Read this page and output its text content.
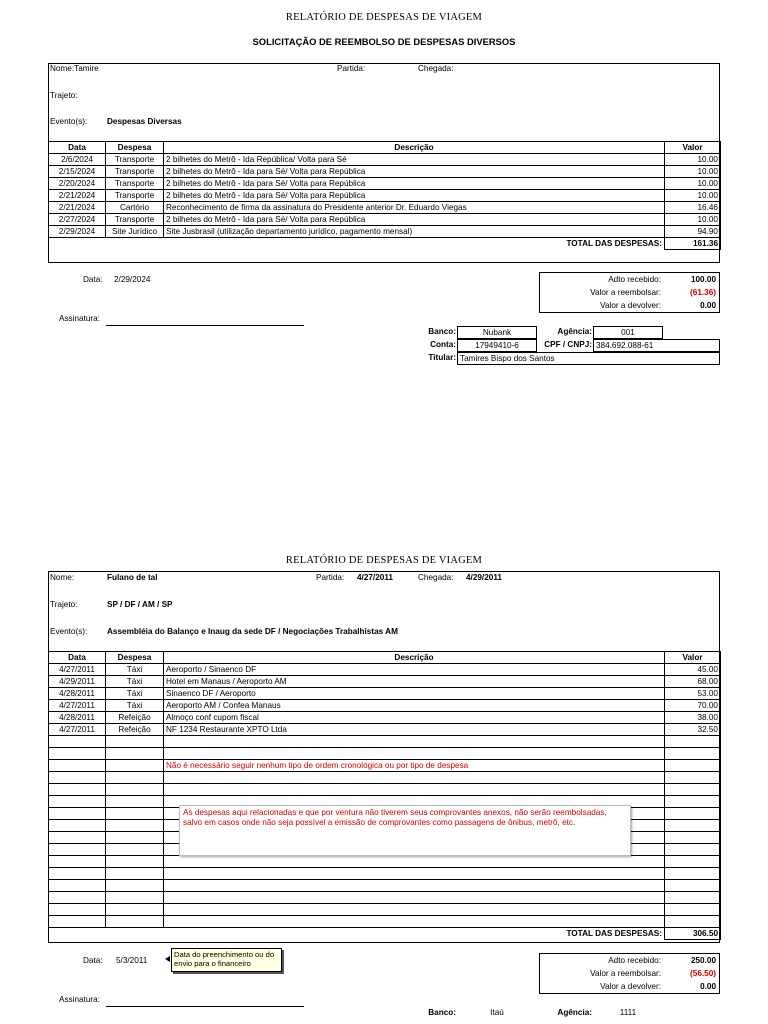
RELATÓRIO DE DESPESAS DE VIAGEM
SOLICITAÇÃO DE REEMBOLSO DE DESPESAS DIVERSOS
Nome:Tamire	Partida:	Chegada:
Trajeto:
Evento(s): Despesas Diversas
Data	Despesa	Descrição	Valor
2/6/2024	Transporte	2 bilhetes do Metrô - Ida República/ Volta para Sé	10.00
2/15/2024	Transporte	2 bilhetes do Metrô - Ida para Sé/ Volta para República	10.00
2/20/2024	Transporte	2 bilhetes do Metrô - Ida para Sé/ Volta para República	10.00
2/21/2024	Transporte	2 bilhetes do Metrô - Ida para Sé/ Volta para República	10.00
2/21/2024	Cartório	Reconhecimento de firma da assinatura do Presidente anterior Dr. Eduardo Viegas	16.46
2/27/2024	Transporte	2 bilhetes do Metrô - Ida para Sé/ Volta para República	10.00
2/29/2024	Site Jurídico	Site Jusbrasil (utilização departamento jurídico, pagamento mensal)	94.90
		TOTAL DAS DESPESAS:	161.36
Data: 2/29/2024
Assinatura:
Adto recebido:	100.00
Valor a reembolsar:	(61.36)
Valor a devolver:	0.00
Banco:	Nubank	Agência:	001
Conta:	17949410-6	CPF / CNPJ: 384.692.088-61
Titular: Tamires Bispo dos Santos
RELATÓRIO DE DESPESAS DE VIAGEM
Nome:	Fulano de tal	Partida: 4/27/2011	Chegada: 4/29/2011
Trajeto:	SP / DF / AM / SP
Evento(s): Assembléia do Balanço e Inaug da sede DF / Negociações Trabalhistas AM
Data	Despesa	Descrição	Valor
4/27/2011	Táxi	Aeroporto / Sinaenco DF	45.00
4/29/2011	Táxi	Hotel em Manaus / Aeroporto AM	68.00
4/28/2011	Táxi	Sinaenco DF / Aeroporto	53.00
4/27/2011	Táxi	Aeroporto AM / Confea Manaus	70.00
4/28/2011	Refeição	Almoço conf cupom fiscal	38.00
4/27/2011	Refeição	NF 1234 Restaurante XPTO Ltda	32.50

		Não é necessário seguir nenhum tipo de ordem cronológica ou por tipo de despesa	

		TOTAL DAS DESPESAS:	306.50
As despesas aqui relacionadas e que por ventura não tiverem seus comprovantes anexos, não serão reembolsadas, salvo em casos onde não seja possível a emissão de comprovantes como passagens de ônibus, metrô, etc.
Data: 5/3/2011
Data do preenchimento ou do envio para o financeiro
Assinatura:
Adto recebido:	250.00
Valor a reembolsar:	(56.50)
Valor a devolver:	0.00
Banco:	Itaú	Agência:	1111
